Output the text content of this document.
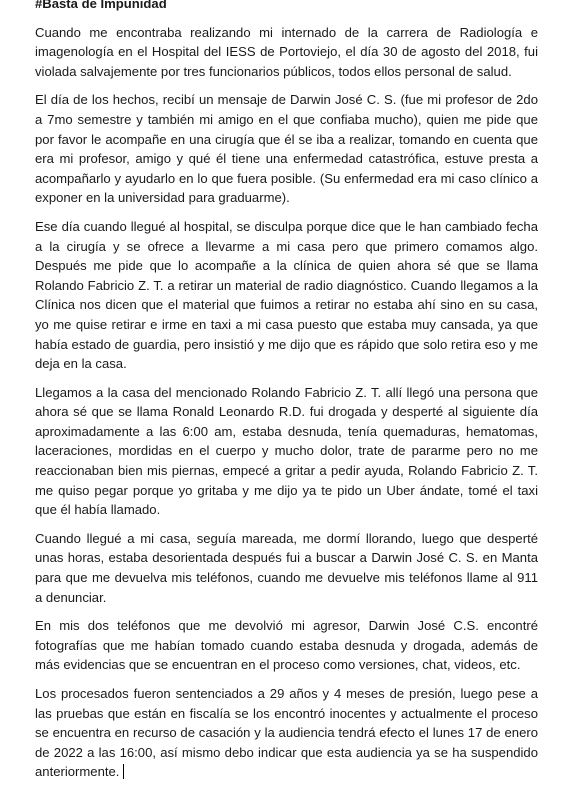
#Basta de Impunidad

Cuando me encontraba realizando mi internado de la carrera de Radiología e imagenología en el Hospital del IESS de Portoviejo, el día 30 de agosto del 2018, fui violada salvajemente por tres funcionarios públicos, todos ellos personal de salud.

El día de los hechos, recibí un mensaje de Darwin José C. S. (fue mi profesor de 2do a 7mo semestre y también mi amigo en el que confiaba mucho), quien me pide que por favor le acompañe en una cirugía que él se iba a realizar, tomando en cuenta que era mi profesor, amigo y qué él tiene una enfermedad catastrófica, estuve presta a acompañarlo y ayudarlo en lo que fuera posible. (Su enfermedad era mi caso clínico a exponer en la universidad para graduarme).

Ese día cuando llegué al hospital, se disculpa porque dice que le han cambiado fecha a la cirugía y se ofrece a llevarme a mi casa pero que primero comamos algo. Después me pide que lo acompañe a la clínica de quien ahora sé que se llama Rolando Fabricio Z. T. a retirar un material de radio diagnóstico. Cuando llegamos a la Clínica nos dicen que el material que fuimos a retirar no estaba ahí sino en su casa, yo me quise retirar e irme en taxi a mi casa puesto que estaba muy cansada, ya que había estado de guardia, pero insistió y me dijo que es rápido que solo retira eso y me deja en la casa.

Llegamos a la casa del mencionado Rolando Fabricio Z. T. allí llegó una persona que ahora sé que se llama Ronald Leonardo R.D. fui drogada y desperté al siguiente día aproximadamente a las 6:00 am, estaba desnuda, tenía quemaduras, hematomas, laceraciones, mordidas en el cuerpo y mucho dolor, trate de pararme pero no me reaccionaban bien mis piernas, empecé a gritar a pedir ayuda, Rolando Fabricio Z. T. me quiso pegar porque yo gritaba y me dijo ya te pido un Uber ándate, tomé el taxi que él había llamado.

Cuando llegué a mi casa, seguía mareada, me dormí llorando, luego que desperté unas horas, estaba desorientada después fui a buscar a Darwin José C. S. en Manta para que me devuelva mis teléfonos, cuando me devuelve mis teléfonos llame al 911 a denunciar.

En mis dos teléfonos que me devolvió mi agresor, Darwin José C.S. encontré fotografías que me habían tomado cuando estaba desnuda y drogada, además de más evidencias que se encuentran en el proceso como versiones, chat, videos, etc.

Los procesados fueron sentenciados a 29 años y 4 meses de presión, luego pese a las pruebas que están en fiscalía se los encontró inocentes y actualmente el proceso se encuentra en recurso de casación y la audiencia tendrá efecto el lunes 17 de enero de 2022 a las 16:00, así mismo debo indicar que esta audiencia ya se ha suspendido anteriormente.
